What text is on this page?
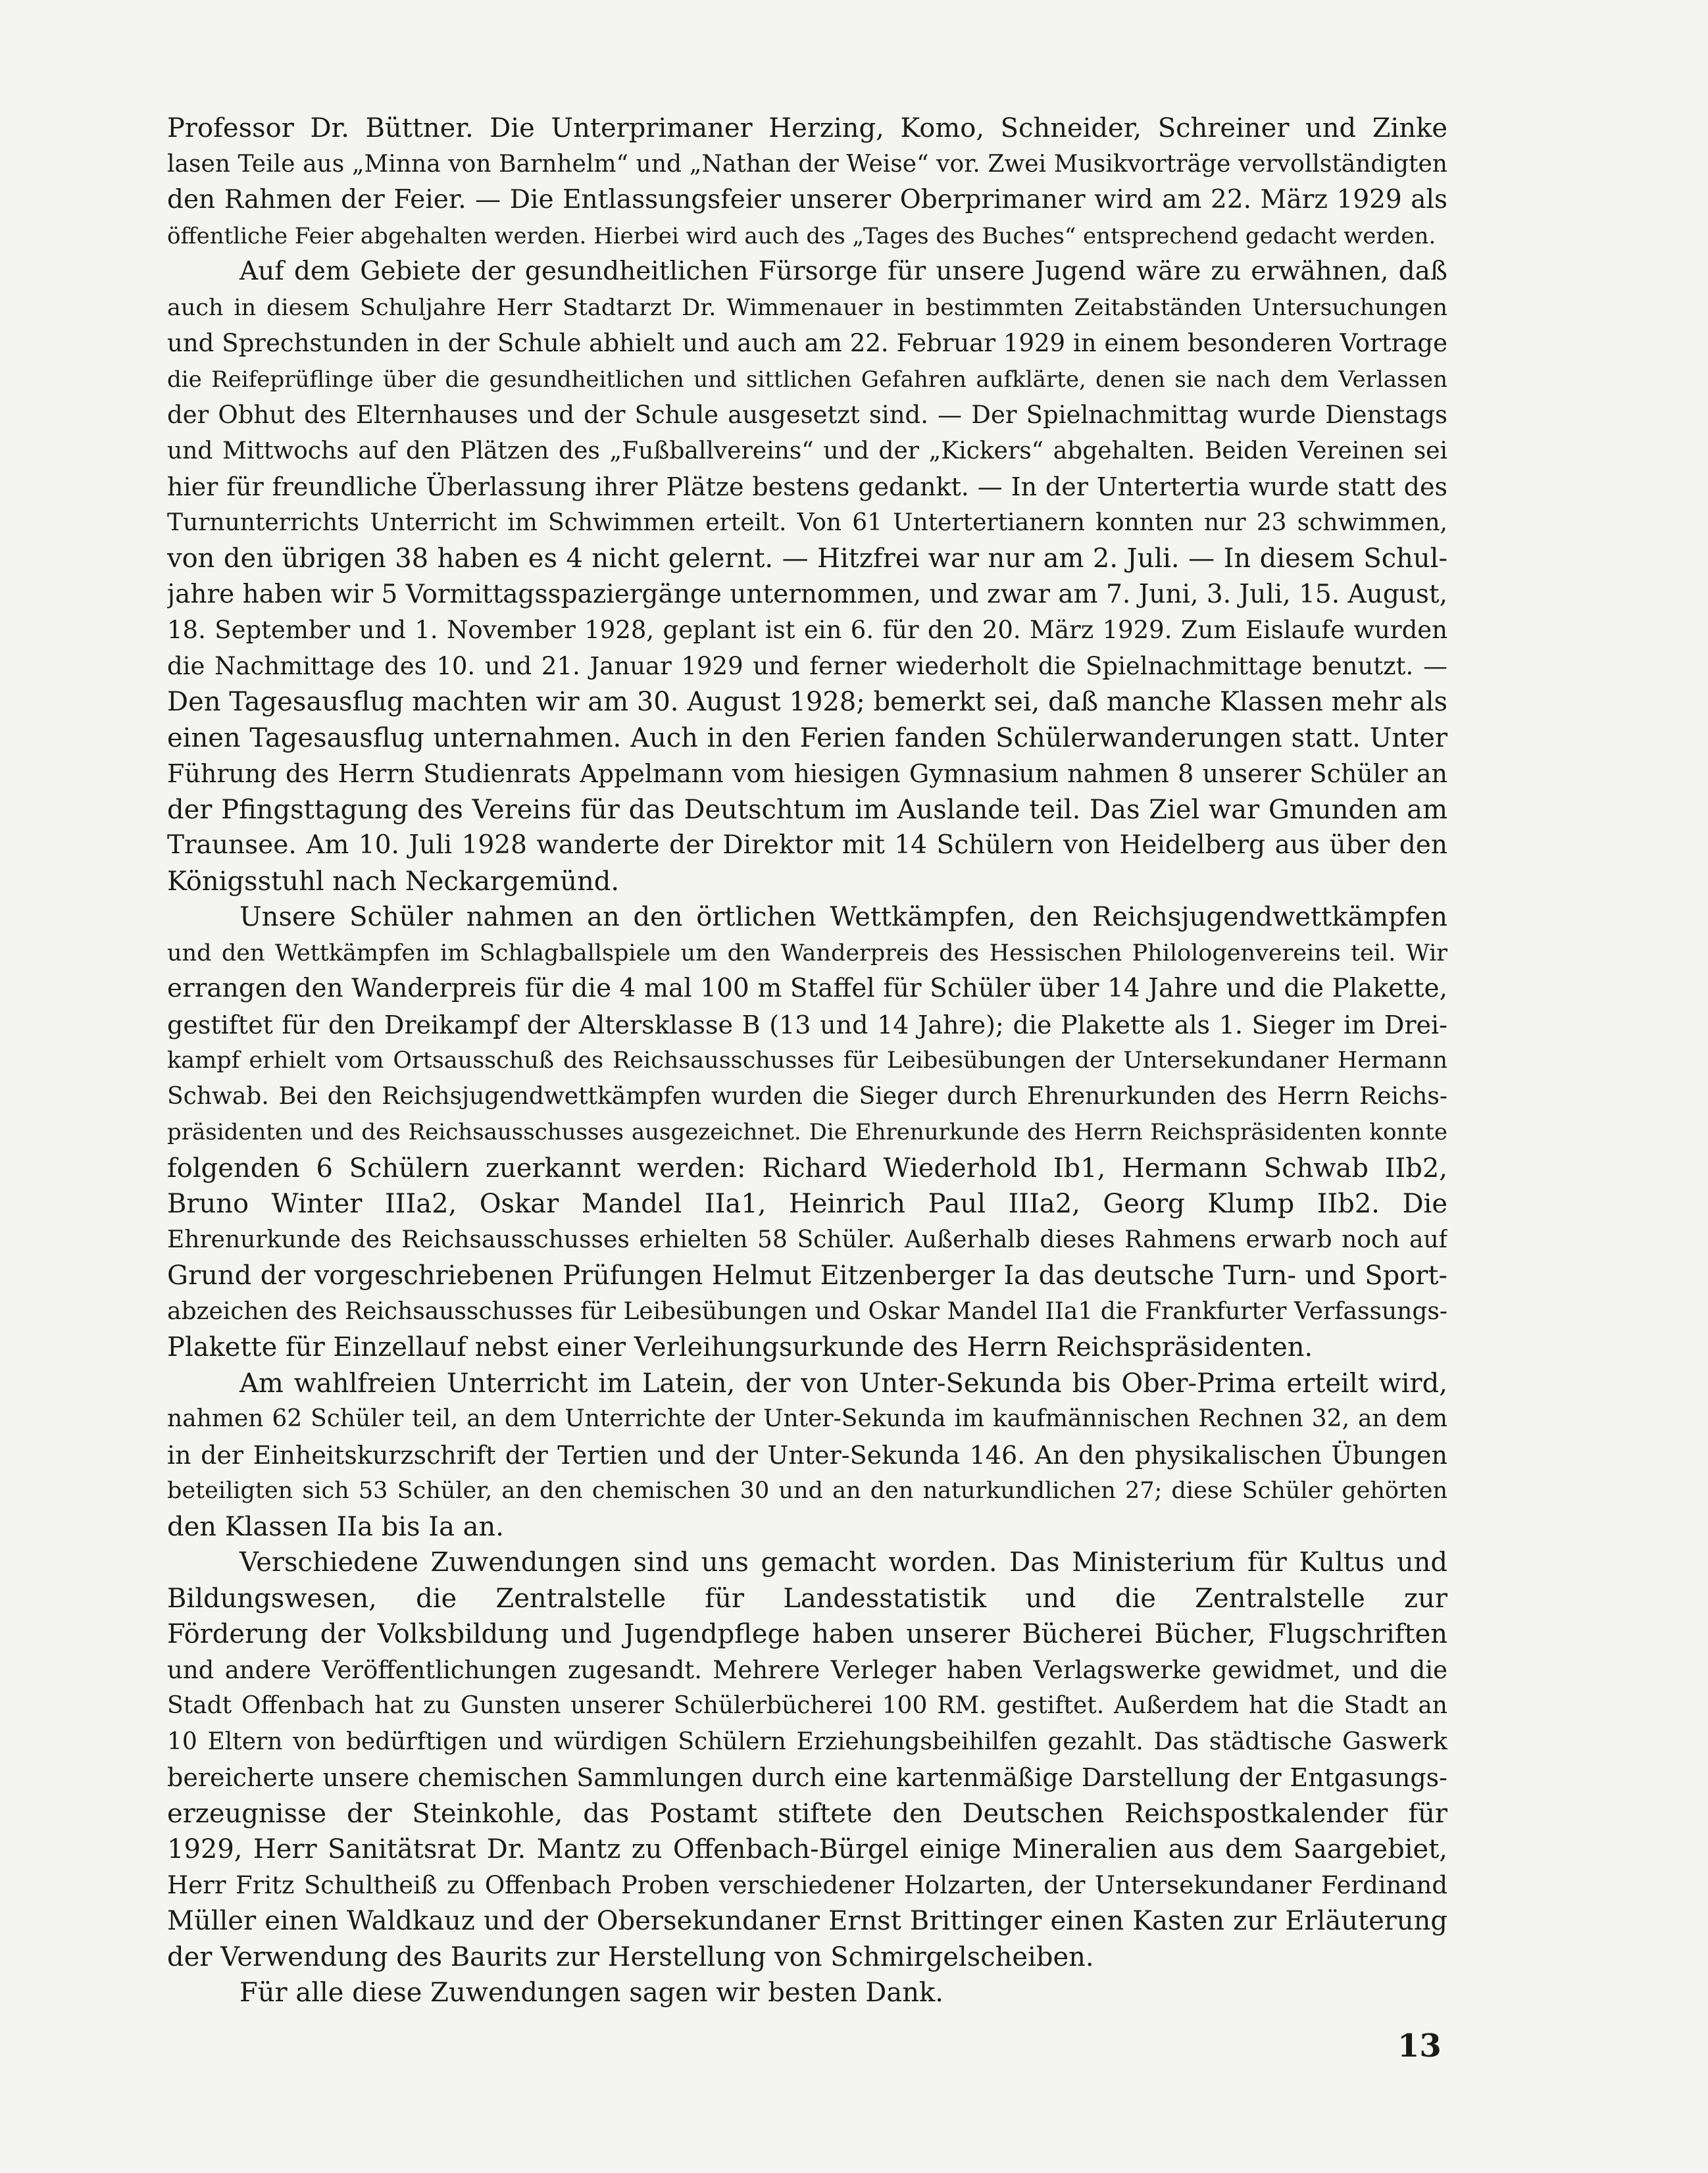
Professor Dr. Büttner. Die Unterprimaner Herzing, Komo, Schneider, Schreiner und Zinke
lasen Teile aus „Minna von Barnhelm“ und „Nathan der Weise“ vor. Zwei Musikvorträge vervollständigten
den Rahmen der Feier. — Die Entlassungsfeier unserer Oberprimaner wird am 22. März 1929 als
öffentliche Feier abgehalten werden. Hierbei wird auch des „Tages des Buches“ entsprechend gedacht werden.
Auf dem Gebiete der gesundheitlichen Fürsorge für unsere Jugend wäre zu erwähnen, daß
auch in diesem Schuljahre Herr Stadtarzt Dr. Wimmenauer in bestimmten Zeitabständen Untersuchungen
und Sprechstunden in der Schule abhielt und auch am 22. Februar 1929 in einem besonderen Vortrage
die Reifeprüflinge über die gesundheitlichen und sittlichen Gefahren aufklärte, denen sie nach dem Verlassen
der Obhut des Elternhauses und der Schule ausgesetzt sind. — Der Spielnachmittag wurde Dienstags
und Mittwochs auf den Plätzen des „Fußballvereins“ und der „Kickers“ abgehalten. Beiden Vereinen sei
hier für freundliche Überlassung ihrer Plätze bestens gedankt. — In der Untertertia wurde statt des
Turnunterrichts Unterricht im Schwimmen erteilt. Von 61 Untertertianern konnten nur 23 schwimmen,
von den übrigen 38 haben es 4 nicht gelernt. — Hitzfrei war nur am 2. Juli. — In diesem Schul-
jahre haben wir 5 Vormittagsspaziergänge unternommen, und zwar am 7. Juni, 3. Juli, 15. August,
18. September und 1. November 1928, geplant ist ein 6. für den 20. März 1929. Zum Eislaufe wurden
die Nachmittage des 10. und 21. Januar 1929 und ferner wiederholt die Spielnachmittage benutzt. —
Den Tagesausflug machten wir am 30. August 1928; bemerkt sei, daß manche Klassen mehr als
einen Tagesausflug unternahmen. Auch in den Ferien fanden Schülerwanderungen statt. Unter
Führung des Herrn Studienrats Appelmann vom hiesigen Gymnasium nahmen 8 unserer Schüler an
der Pfingsttagung des Vereins für das Deutschtum im Auslande teil. Das Ziel war Gmunden am
Traunsee. Am 10. Juli 1928 wanderte der Direktor mit 14 Schülern von Heidelberg aus über den
Königsstuhl nach Neckargemünd.
Unsere Schüler nahmen an den örtlichen Wettkämpfen, den Reichsjugendwettkämpfen
und den Wettkämpfen im Schlagballspiele um den Wanderpreis des Hessischen Philologenvereins teil. Wir
errangen den Wanderpreis für die 4 mal 100 m Staffel für Schüler über 14 Jahre und die Plakette,
gestiftet für den Dreikampf der Altersklasse B (13 und 14 Jahre); die Plakette als 1. Sieger im Drei-
kampf erhielt vom Ortsausschuß des Reichsausschusses für Leibesübungen der Untersekundaner Hermann
Schwab. Bei den Reichsjugendwettkämpfen wurden die Sieger durch Ehrenurkunden des Herrn Reichs-
präsidenten und des Reichsausschusses ausgezeichnet. Die Ehrenurkunde des Herrn Reichspräsidenten konnte
folgenden 6 Schülern zuerkannt werden: Richard Wiederhold Ib1, Hermann Schwab IIb2,
Bruno Winter IIIa2, Oskar Mandel IIa1, Heinrich Paul IIIa2, Georg Klump IIb2. Die
Ehrenurkunde des Reichsausschusses erhielten 58 Schüler. Außerhalb dieses Rahmens erwarb noch auf
Grund der vorgeschriebenen Prüfungen Helmut Eitzenberger Ia das deutsche Turn- und Sport-
abzeichen des Reichsausschusses für Leibesübungen und Oskar Mandel IIa1 die Frankfurter Verfassungs-
Plakette für Einzellauf nebst einer Verleihungsurkunde des Herrn Reichspräsidenten.
Am wahlfreien Unterricht im Latein, der von Unter-Sekunda bis Ober-Prima erteilt wird,
nahmen 62 Schüler teil, an dem Unterrichte der Unter-Sekunda im kaufmännischen Rechnen 32, an dem
in der Einheitskurzschrift der Tertien und der Unter-Sekunda 146. An den physikalischen Übungen
beteiligten sich 53 Schüler, an den chemischen 30 und an den naturkundlichen 27; diese Schüler gehörten
den Klassen IIa bis Ia an.
Verschiedene Zuwendungen sind uns gemacht worden. Das Ministerium für Kultus und
Bildungswesen, die Zentralstelle für Landesstatistik und die Zentralstelle zur
Förderung der Volksbildung und Jugendpflege haben unserer Bücherei Bücher, Flugschriften
und andere Veröffentlichungen zugesandt. Mehrere Verleger haben Verlagswerke gewidmet, und die
Stadt Offenbach hat zu Gunsten unserer Schülerbücherei 100 RM. gestiftet. Außerdem hat die Stadt an
10 Eltern von bedürftigen und würdigen Schülern Erziehungsbeihilfen gezahlt. Das städtische Gaswerk
bereicherte unsere chemischen Sammlungen durch eine kartenmäßige Darstellung der Entgasungs-
erzeugnisse der Steinkohle, das Postamt stiftete den Deutschen Reichspostkalender für
1929, Herr Sanitätsrat Dr. Mantz zu Offenbach-Bürgel einige Mineralien aus dem Saargebiet,
Herr Fritz Schultheiß zu Offenbach Proben verschiedener Holzarten, der Untersekundaner Ferdinand
Müller einen Waldkauz und der Obersekundaner Ernst Brittinger einen Kasten zur Erläuterung
der Verwendung des Baurits zur Herstellung von Schmirgelscheiben.
Für alle diese Zuwendungen sagen wir besten Dank.
13
